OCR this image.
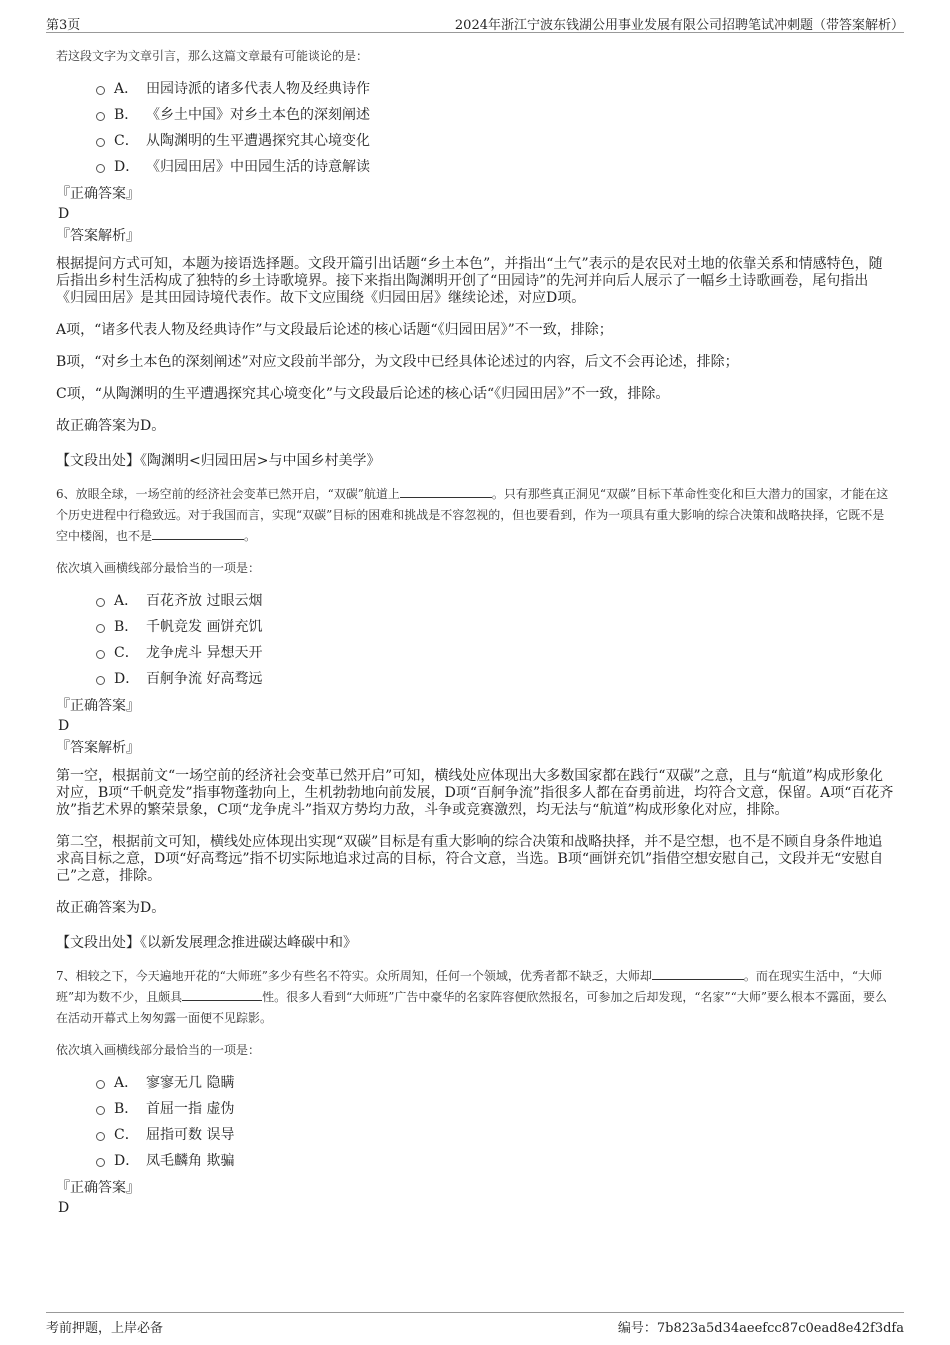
第3页	2024年浙江宁波东钱湖公用事业发展有限公司招聘笔试冲刺题（带答案解析）

若这段文字为文章引言，那么这篇文章最有可能谈论的是：

A． 田园诗派的诸多代表人物及经典诗作
B． 《乡土中国》对乡土本色的深刻阐述
C． 从陶渊明的生平遭遇探究其心境变化
D． 《归园田居》中田园生活的诗意解读

『正确答案』

D

『答案解析』

根据提问方式可知，本题为接语选择题。文段开篇引出话题“乡土本色”，并指出“土气”表示的是农民对土地的依靠关系和情感特色，随后指出乡村生活构成了独特的乡土诗歌境界。接下来指出陶渊明开创了“田园诗”的先河并向后人展示了一幅乡土诗歌画卷，尾句指出《归园田居》是其田园诗境代表作。故下文应围绕《归园田居》继续论述，对应D项。

A项，“诸多代表人物及经典诗作”与文段最后论述的核心话题“《归园田居》”不一致，排除；

B项，“对乡土本色的深刻阐述”对应文段前半部分，为文段中已经具体论述过的内容，后文不会再论述，排除；

C项，“从陶渊明的生平遭遇探究其心境变化”与文段最后论述的核心话“《归园田居》”不一致，排除。

故正确答案为D。

【文段出处】《陶渊明<归园田居>与中国乡村美学》

6、放眼全球，一场空前的经济社会变革已然开启，“双碳”航道上	。只有那些真正洞见“双碳”目标下革命性变化和巨大潜力的国家，才能在这个历史进程中行稳致远。对于我国而言，实现“双碳”目标的困难和挑战是不容忽视的，但也要看到，作为一项具有重大影响的综合决策和战略抉择，它既不是空中楼阁，也不是	。

依次填入画横线部分最恰当的一项是：

A． 百花齐放 过眼云烟
B． 千帆竞发 画饼充饥
C． 龙争虎斗 异想天开
D． 百舸争流 好高骛远

『正确答案』

D

『答案解析』

第一空，根据前文“一场空前的经济社会变革已然开启”可知，横线处应体现出大多数国家都在践行“双碳”之意，且与“航道”构成形象化对应，B项“千帆竞发”指事物蓬勃向上，生机勃勃地向前发展，D项“百舸争流”指很多人都在奋勇前进，均符合文意，保留。A项“百花齐放”指艺术界的繁荣景象，C项“龙争虎斗”指双方势均力敌，斗争或竞赛激烈，均无法与“航道”构成形象化对应，排除。

第二空，根据前文可知，横线处应体现出实现“双碳”目标是有重大影响的综合决策和战略抉择，并不是空想，也不是不顾自身条件地追求高目标之意，D项“好高骛远”指不切实际地追求过高的目标，符合文意，当选。B项“画饼充饥”指借空想安慰自己，文段并无“安慰自己”之意，排除。

故正确答案为D。

【文段出处】《以新发展理念推进碳达峰碳中和》

7、相较之下，今天遍地开花的“大师班”多少有些名不符实。众所周知，任何一个领域，优秀者都不缺乏，大师却	。而在现实生活中，“大师班”却为数不少，且颇具	性。很多人看到“大师班”广告中豪华的名家阵容便欣然报名，可参加之后却发现，“名家”“大师”要么根本不露面，要么在活动开幕式上匆匆露一面便不见踪影。

依次填入画横线部分最恰当的一项是：

A． 寥寥无几 隐瞒
B． 首屈一指 虚伪
C． 屈指可数 误导
D． 凤毛麟角 欺骗

『正确答案』

D

考前押题，上岸必备	编号：7b823a5d34aeefcc87c0ead8e42f3dfa
